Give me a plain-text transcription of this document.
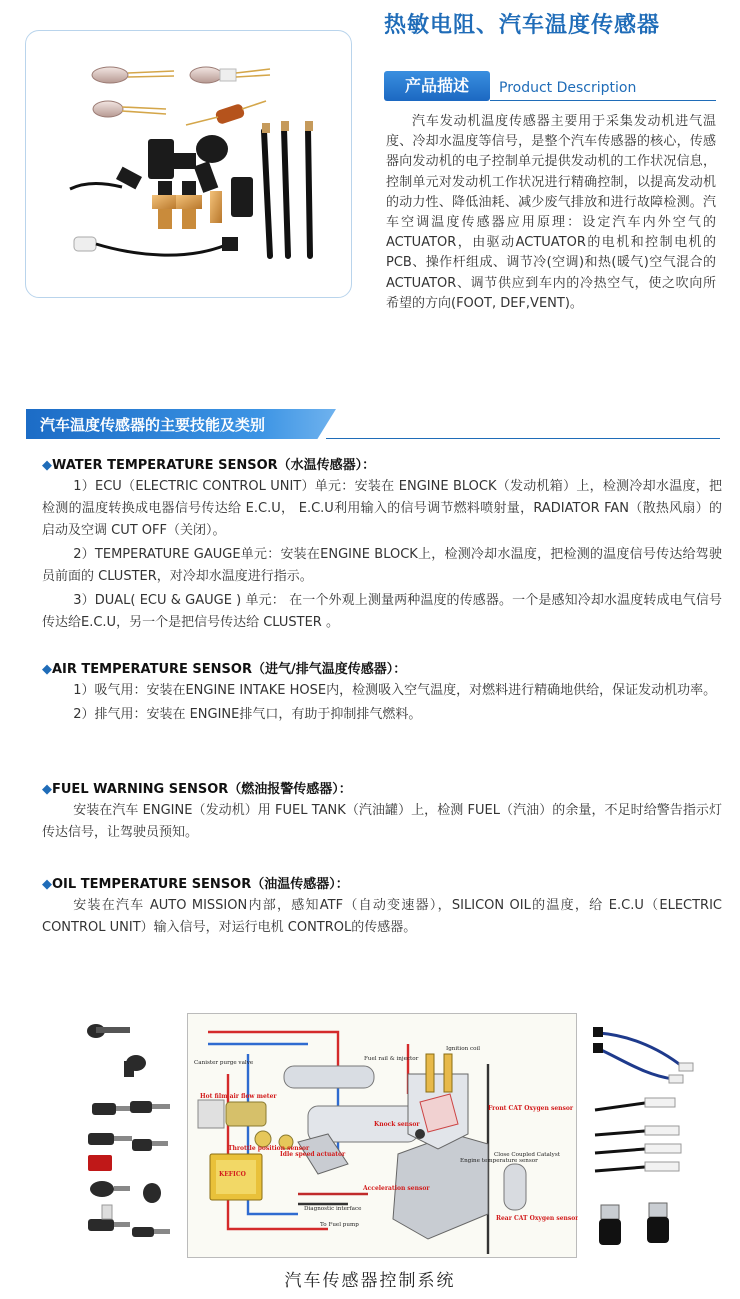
热敏电阻、汽车温度传感器
产品描述	Product Description
汽车发动机温度传感器主要用于采集发动机进气温度、冷却水温度等信号，是整个汽车传感器的核心，传感器向发动机的电子控制单元提供发动机的工作状况信息，控制单元对发动机工作状况进行精确控制，以提高发动机的动力性、降低油耗、减少废气排放和进行故障检测。汽车空调温度传感器应用原理：设定汽车内外空气的ACTUATOR，由驱动ACTUATOR的电机和控制电机的 PCB、操作杆组成、调节冷(空调)和热(暖气)空气混合的ACTUATOR、调节供应到车内的冷热空气，使之吹向所希望的方向(FOOT, DEF,VENT)。
汽车温度传感器的主要技能及类别
◆WATER TEMPERATURE SENSOR（水温传感器）：

1）ECU（ELECTRIC CONTROL UNIT）单元：安装在 ENGINE BLOCK（发动机箱）上，检测冷却水温度，把检测的温度转换成电器信号传达给 E.C.U， E.C.U利用输入的信号调节燃料喷射量，RADIATOR FAN（散热风扇）的启动及空调 CUT OFF（关闭）。

2）TEMPERATURE GAUGE单元：安装在ENGINE BLOCK上，检测冷却水温度，把检测的温度信号传达给驾驶员前面的 CLUSTER，对冷却水温度进行指示。

3）DUAL( ECU & GAUGE ) 单元： 在一个外观上测量两种温度的传感器。一个是感知冷却水温度转成电气信号传达给E.C.U，另一个是把信号传达给 CLUSTER 。

◆AIR TEMPERATURE SENSOR（进气/排气温度传感器）：

1）吸气用：安装在ENGINE INTAKE HOSE内，检测吸入空气温度，对燃料进行精确地供给，保证发动机功率。

2）排气用：安装在 ENGINE排气口，有助于抑制排气燃料。

◆FUEL WARNING SENSOR（燃油报警传感器）：

安装在汽车 ENGINE（发动机）用 FUEL TANK（汽油罐）上，检测 FUEL（汽油）的余量，不足时给警告指示灯传达信号，让驾驶员预知。

◆OIL TEMPERATURE SENSOR（油温传感器）：

安装在汽车 AUTO MISSION内部，感知ATF（自动变速器），SILICON OIL的温度，给 E.C.U（ELECTRIC CONTROL UNIT）输入信号，对运行电机 CONTROL的传感器。

KEFICO
Hot film air flow meter
Throttle position sensor
Idle speed actuator
Knock sensor
Front CAT Oxygen sensor
Rear CAT Oxygen sensor
Acceleration sensor
Fuel rail & injector
Ignition coil
Canister purge valve
Engine temperature sensor
Close Coupled Catalyst
Diagnostic interface
To Fuel pump
汽车传感器控制系统
